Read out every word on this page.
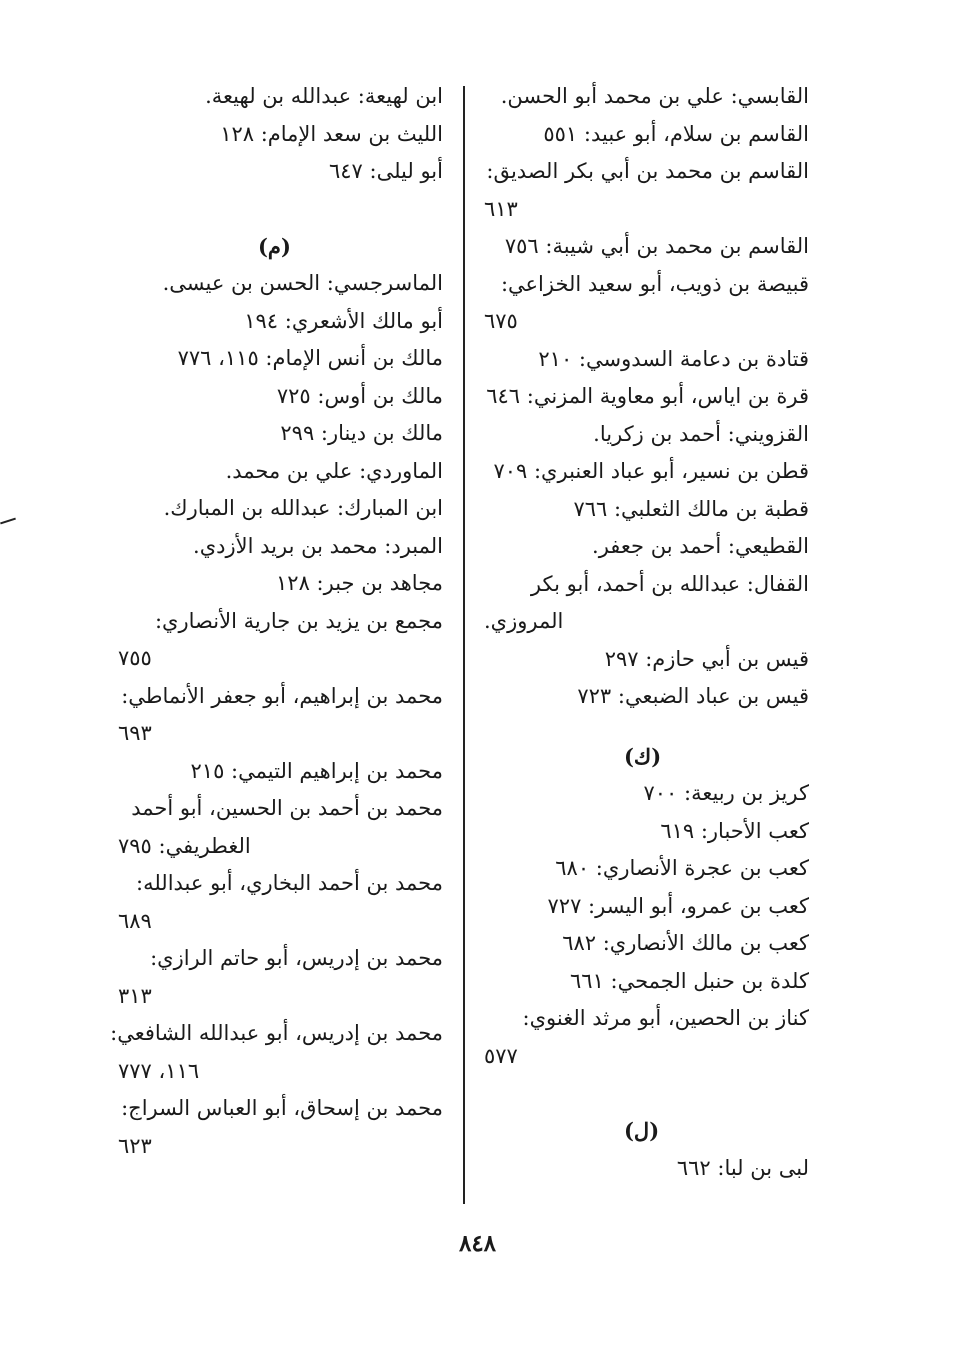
القابسي: علي بن محمد أبو الحسن.
القاسم بن سلام، أبو عبيد: ٥٥١
القاسم بن محمد بن أبي بكر الصديق:
٦١٣
القاسم بن محمد بن أبي شيبة: ٧٥٦
قبيصة بن ذويب، أبو سعيد الخزاعي:
٦٧٥
قتادة بن دعامة السدوسي: ٢١٠
قرة بن اياس، أبو معاوية المزني: ٦٤٦
القزويني: أحمد بن زكريا.
قطن بن نسير، أبو عباد العنبري: ٧٠٩
قطبة بن مالك الثعلبي: ٧٦٦
القطيعي: أحمد بن جعفر.
القفال: عبدالله بن أحمد، أبو بكر
المروزي.
قيس بن أبي حازم: ٢٩٧
قيس بن عباد الضبعي: ٧٢٣
(ك)
كريز بن ربيعة: ٧٠٠
كعب الأحبار: ٦١٩
كعب بن عجرة الأنصاري: ٦٨٠
كعب بن عمرو، أبو اليسر: ٧٢٧
كعب بن مالك الأنصاري: ٦٨٢
كلدة بن حنبل الجمحي: ٦٦١
كناز بن الحصين، أبو مرثد الغنوي:
٥٧٧
(ل)
لبى بن لبا: ٦٦٢
ابن لهيعة: عبدالله بن لهيعة.
الليث بن سعد الإمام: ١٢٨
أبو ليلى: ٦٤٧
(م)
الماسرجسي: الحسن بن عيسى.
أبو مالك الأشعري: ١٩٤
مالك بن أنس الإمام: ١١٥، ٧٧٦
مالك بن أوس: ٧٢٥
مالك بن دينار: ٢٩٩
الماوردي: علي بن محمد.
ابن المبارك: عبدالله بن المبارك.
المبرد: محمد بن بريد الأزدي.
مجاهد بن جبر: ١٢٨
مجمع بن يزيد بن جارية الأنصاري:
٧٥٥
محمد بن إبراهيم، أبو جعفر الأنماطي:
٦٩٣
محمد بن إبراهيم التيمي: ٢١٥
محمد بن أحمد بن الحسين، أبو أحمد
الغطريفي: ٧٩٥
محمد بن أحمد البخاري، أبو عبدالله:
٦٨٩
محمد بن إدريس، أبو حاتم الرازي:
٣١٣
محمد بن إدريس، أبو عبدالله الشافعي:
١١٦، ٧٧٧
محمد بن إسحاق، أبو العباس السراج:
٦٢٣
٨٤٨
